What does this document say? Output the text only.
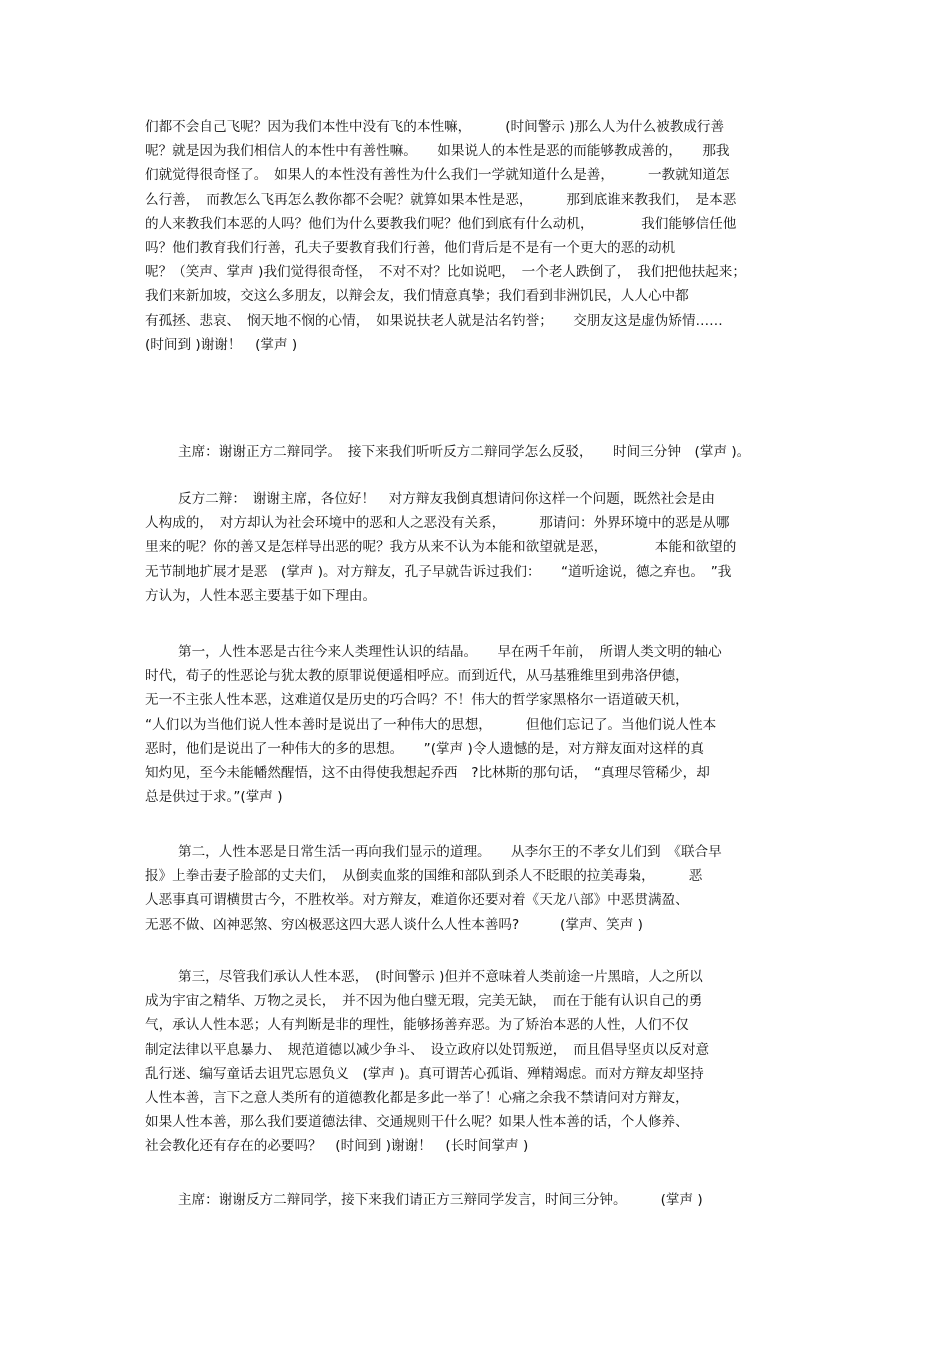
们都不会自己飞呢？因为我们本性中没有飞的本性嘛，　　　(时间警示 )那么人为什么被教成行善
呢？就是因为我们相信人的本性中有善性嘛。　　如果说人的本性是恶的而能够教成善的，　　那我
们就觉得很奇怪了。　如果人的本性没有善性为什么我们一学就知道什么是善，　　　一教就知道怎
么行善，　而教怎么飞再怎么教你都不会呢？就算如果本性是恶，　　　那到底谁来教我们，　是本恶
的人来教我们本恶的人吗？他们为什么要教我们呢？他们到底有什么动机，　　　　我们能够信任他
吗？他们教育我们行善，孔夫子要教育我们行善，他们背后是不是有一个更大的恶的动机
呢？（笑声、掌声 )我们觉得很奇怪，　不对不对？比如说吧，　一个老人跌倒了，　我们把他扶起来；
我们来新加坡，交这么多朋友，以辩会友，我们情意真挚；我们看到非洲饥民，人人心中都
有孤拯、悲哀、　悯天地不悯的心情，　如果说扶老人就是沽名钓誉；　　交朋友这是虚伪矫情……
(时间到 )谢谢！　(掌声 )
主席：谢谢正方二辩同学。　接下来我们听听反方二辩同学怎么反驳，　　时间三分钟　(掌声 )。
反方二辩：　谢谢主席，各位好！　对方辩友我倒真想请问你这样一个问题，既然社会是由
人构成的，　对方却认为社会环境中的恶和人之恶没有关系，　　　那请问：外界环境中的恶是从哪
里来的呢？你的善又是怎样导出恶的呢？我方从来不认为本能和欲望就是恶，　　　　本能和欲望的
无节制地扩展才是恶　(掌声 )。对方辩友，孔子早就告诉过我们：　　“道听途说，德之弃也。　”我
方认为，人性本恶主要基于如下理由。
第一，人性本恶是古往今来人类理性认识的结晶。　　早在两千年前，　所谓人类文明的轴心
时代，荀子的性恶论与犹太教的原罪说便遥相呼应。而到近代，从马基雅维里到弗洛伊德，
无一不主张人性本恶，这难道仅是历史的巧合吗？不！伟大的哲学家黑格尔一语道破天机，
“人们以为当他们说人性本善时是说出了一种伟大的思想，　　　但他们忘记了。当他们说人性本
恶时，他们是说出了一种伟大的多的思想。　　”(掌声 )令人遗憾的是，对方辩友面对这样的真
知灼见，至今未能幡然醒悟，这不由得使我想起乔西　?比林斯的那句话，　“真理尽管稀少，却
总是供过于求。”(掌声 )
第二，人性本恶是日常生活一再向我们显示的道理。　　从李尔王的不孝女儿们到　《联合早
报》上拳击妻子脸部的丈夫们，　从倒卖血浆的国维和部队到杀人不眨眼的拉美毒枭，　　　恶
人恶事真可谓横贯古今，不胜枚举。对方辩友，难道你还要对着《天龙八部》中恶贯满盈、
无恶不做、凶神恶煞、穷凶极恶这四大恶人谈什么人性本善吗?　　　(掌声、笑声 )
第三，尽管我们承认人性本恶，　(时间警示 )但并不意味着人类前途一片黑暗，人之所以
成为宇宙之精华、万物之灵长，　并不因为他白璧无瑕，完美无缺，　而在于能有认识自己的勇
气，承认人性本恶；人有判断是非的理性，能够扬善弃恶。为了矫治本恶的人性，人们不仅
制定法律以平息暴力、　规范道德以减少争斗、　设立政府以处罚叛逆，　而且倡导坚贞以反对意
乱行迷、编写童话去诅咒忘恩负义　(掌声 )。真可谓苦心孤诣、殚精竭虑。而对方辩友却坚持
人性本善，言下之意人类所有的道德教化都是多此一举了！心痛之余我不禁请问对方辩友，
如果人性本善，那么我们要道德法律、交通规则干什么呢？如果人性本善的话，个人修养、
社会教化还有存在的必要吗？　(时间到 )谢谢！　(长时间掌声 )
主席：谢谢反方二辩同学，接下来我们请正方三辩同学发言，时间三分钟。　　　(掌声 )
